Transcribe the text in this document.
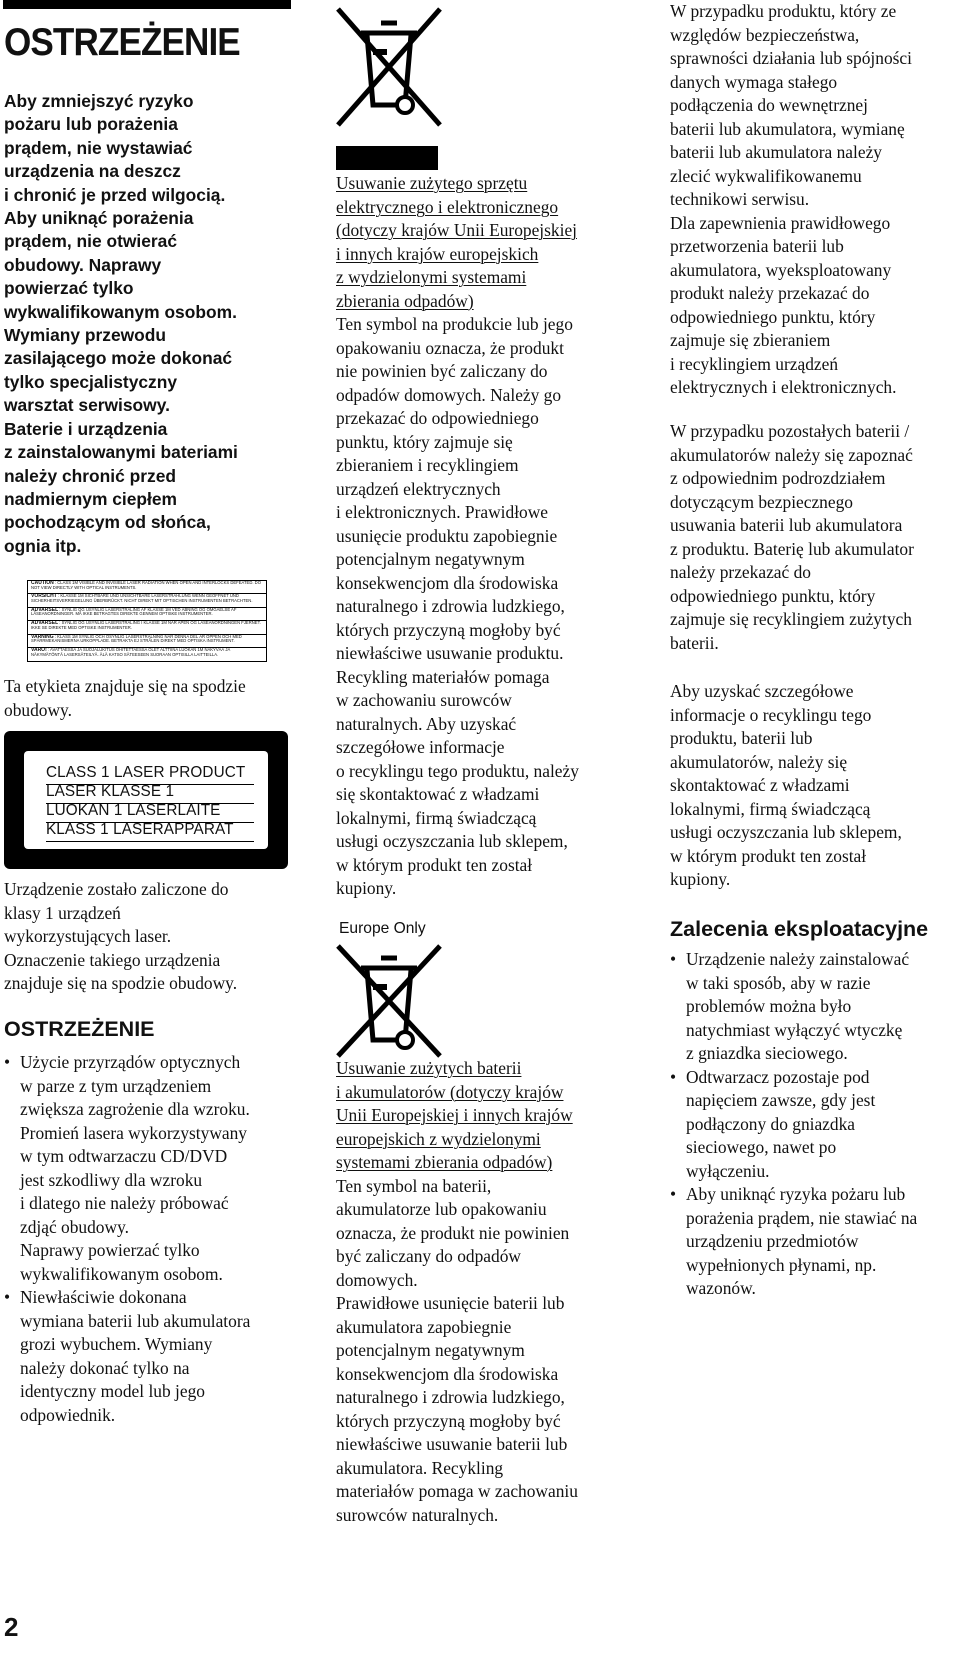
OSTRZEŻENIE
Aby zmniejszyć ryzyko
pożaru lub porażenia
prądem, nie wystawiać
urządzenia na deszcz
i chronić je przed wilgocią.
Aby uniknąć porażenia
prądem, nie otwierać
obudowy. Naprawy
powierzać tylko
wykwalifikowanym osobom.
Wymiany przewodu
zasilającego może dokonać
tylko specjalistyczny
warsztat serwisowy.
Baterie i urządzenia
z zainstalowanymi bateriami
należy chronić przed
nadmiernym ciepłem
pochodzącym od słońca,
ognia itp.
CAUTION : CLASS 1M VISIBLE AND INVISIBLE LASER RADIATION WHEN OPEN AND INTERLOCKS DEFEATED. DO NOT VIEW DIRECTLY WITH OPTICAL INSTRUMENTS.
VORSICHT : KLASSE 1M SICHTBARE UND UNSICHTBARE LASERSTRAHLUNG WENN GEÖFFNET UND SICHERHEITSVERRIEGELUNG ÜBERBRÜCKT. NICHT DIREKT MIT OPTISCHEN INSTRUMENTEN BETRACHTEN.
ADVARSEL : SYNLIG OG USYNLIG LASERSTRÅLING AF KLASSE 1M VED ÅBNING OG OMGÅELSE AF LÅSEANORDNINGER. MÅ IKKE BETRAGTES DIREKTE GENNEM OPTISKE INSTRUMENTER.
ADVARSEL : SYNLIG OG USYNLIG LASERSTRÅLING I KLASSE 1M NÅR APEN OG LÅSEANORDNINGEN FJERNET. IKKE SE DIREKTE MED OPTISKE INSTRUMENTER.
VARNING : KLASS 1M SYNLIG OCH OSYNLIG LASERSTRÅLNING NÄR DENNA DEL ÄR ÖPPEN OCH MED SPÄRRMEKANISMERNA URKOPPLADE. BETRAKTA EJ STRÅLEN DIREKT MED OPTISKA INSTRUMENT.
VARO! : AVATTAESSA JA SUOJALUKITUS OHITETTAESSA OLET ALTTIINA LUOKAN 1M NÄKYVÄÄ JA NÄKYMÄTÖNTÄ LASERSÄTEILYÄ. ÄLÄ KATSO SÄTEESEEN SUORAAN OPTISILLA LAITTEILLA.
Ta etykieta znajduje się na spodzie
obudowy.
CLASS 1 LASER PRODUCT
LASER KLASSE 1
LUOKAN 1 LASERLAITE
KLASS 1 LASERAPPARAT
Urządzenie zostało zaliczone do
klasy 1 urządzeń
wykorzystujących laser.
Oznaczenie takiego urządzenia
znajduje się na spodzie obudowy.
OSTRZEŻENIE
• Użycie przyrządów optycznych
w parze z tym urządzeniem
zwiększa zagrożenie dla wzroku.
Promień lasera wykorzystywany
w tym odtwarzaczu CD/DVD
jest szkodliwy dla wzroku
i dlatego nie należy próbować
zdjąć obudowy.
Naprawy powierzać tylko
wykwalifikowanym osobom.
• Niewłaściwie dokonana
wymiana baterii lub akumulatora
grozi wybuchem. Wymiany
należy dokonać tylko na
identyczny model lub jego
odpowiednik.
Usuwanie zużytego sprzętu
elektrycznego i elektronicznego
(dotyczy krajów Unii Europejskiej
i innych krajów europejskich
z wydzielonymi systemami
zbierania odpadów)
Ten symbol na produkcie lub jego
opakowaniu oznacza, że produkt
nie powinien być zaliczany do
odpadów domowych. Należy go
przekazać do odpowiedniego
punktu, który zajmuje się
zbieraniem i recyklingiem
urządzeń elektrycznych
i elektronicznych. Prawidłowe
usunięcie produktu zapobiegnie
potencjalnym negatywnym
konsekwencjom dla środowiska
naturalnego i zdrowia ludzkiego,
których przyczyną mogłoby być
niewłaściwe usuwanie produktu.
Recykling materiałów pomaga
w zachowaniu surowców
naturalnych. Aby uzyskać
szczegółowe informacje
o recyklingu tego produktu, należy
się skontaktować z władzami
lokalnymi, firmą świadczącą
usługi oczyszczania lub sklepem,
w którym produkt ten został
kupiony.

Europe Only

Usuwanie zużytych baterii
i akumulatorów (dotyczy krajów
Unii Europejskiej i innych krajów
europejskich z wydzielonymi
systemami zbierania odpadów)
Ten symbol na baterii,
akumulatorze lub opakowaniu
oznacza, że produkt nie powinien
być zaliczany do odpadów
domowych.
Prawidłowe usunięcie baterii lub
akumulatora zapobiegnie
potencjalnym negatywnym
konsekwencjom dla środowiska
naturalnego i zdrowia ludzkiego,
których przyczyną mogłoby być
niewłaściwe usuwanie baterii lub
akumulatora. Recykling
materiałów pomaga w zachowaniu
surowców naturalnych.
W przypadku produktu, który ze
względów bezpieczeństwa,
sprawności działania lub spójności
danych wymaga stałego
podłączenia do wewnętrznej
baterii lub akumulatora, wymianę
baterii lub akumulatora należy
zlecić wykwalifikowanemu
technikowi serwisu.
Dla zapewnienia prawidłowego
przetworzenia baterii lub
akumulatora, wyeksploatowany
produkt należy przekazać do
odpowiedniego punktu, który
zajmuje się zbieraniem
i recyklingiem urządzeń
elektrycznych i elektronicznych.
W przypadku pozostałych baterii /
akumulatorów należy się zapoznać
z odpowiednim podrozdziałem
dotyczącym bezpiecznego
usuwania baterii lub akumulatora
z produktu. Baterię lub akumulator
należy przekazać do
odpowiedniego punktu, który
zajmuje się recyklingiem zużytych
baterii.
Aby uzyskać szczegółowe
informacje o recyklingu tego
produktu, baterii lub
akumulatorów, należy się
skontaktować z władzami
lokalnymi, firmą świadczącą
usługi oczyszczania lub sklepem,
w którym produkt ten został
kupiony.
Zalecenia eksploatacyjne
• Urządzenie należy zainstalować
w taki sposób, aby w razie
problemów można było
natychmiast wyłączyć wtyczkę
z gniazdka sieciowego.
• Odtwarzacz pozostaje pod
napięciem zawsze, gdy jest
podłączony do gniazdka
sieciowego, nawet po
wyłączeniu.
• Aby uniknąć ryzyka pożaru lub
porażenia prądem, nie stawiać na
urządzeniu przedmiotów
wypełnionych płynami, np.
wazonów.

2
